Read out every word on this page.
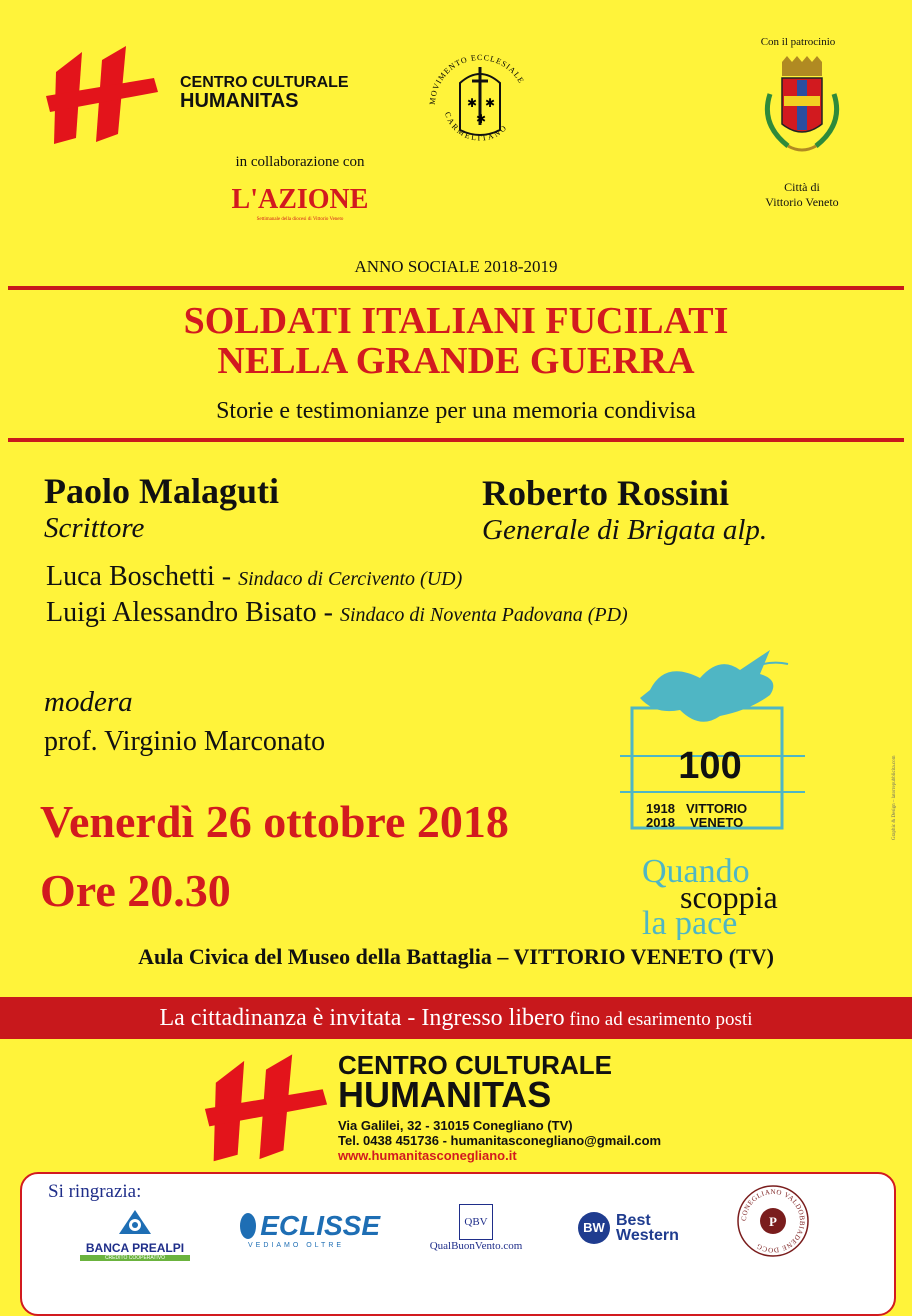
CENTRO CULTURALE
HUMANITAS
in collaborazione con
L'AZIONE
Settimanale della diocesi di Vittorio Veneto
MOVIMENTO ECCLESIALE
CARMELITANO
✱ ✱
✱
Con il patrocinio
Città di
Vittorio Veneto
ANNO SOCIALE 2018-2019
SOLDATI ITALIANI FUCILATI
NELLA GRANDE GUERRA
Storie e testimonianze per una memoria condivisa
Paolo Malaguti
Scrittore
Roberto Rossini
Generale di Brigata alp.
Luca Boschetti - Sindaco di Cercivento (UD)
Luigi Alessandro Bisato - Sindaco di Noventa Padovana (PD)
modera
prof. Virginio Marconato
Venerdì 26 ottobre 2018
Ore 20.30
100
1918 VITTORIO
2018 VENETO
Quando
scoppia
la pace
Graphic & Design – latorrepubblicita.com
Aula Civica del Museo della Battaglia – VITTORIO VENETO (TV)
La cittadinanza è invitata - Ingresso libero fino ad esarimento posti
CENTRO CULTURALE
HUMANITAS
Via Galilei, 32 - 31015 Conegliano (TV)
Tel. 0438 451736 - humanitasconegliano@gmail.com
www.humanitasconegliano.it
Si ringrazia:
BANCA PREALPI
CREDITO COOPERATIVO
ECLISSE
VEDIAMO OLTRE
QBV
QualBuonVento.com
BW Best
Western
CONEGLIANO VALDOBBIADENE DOCG
P
